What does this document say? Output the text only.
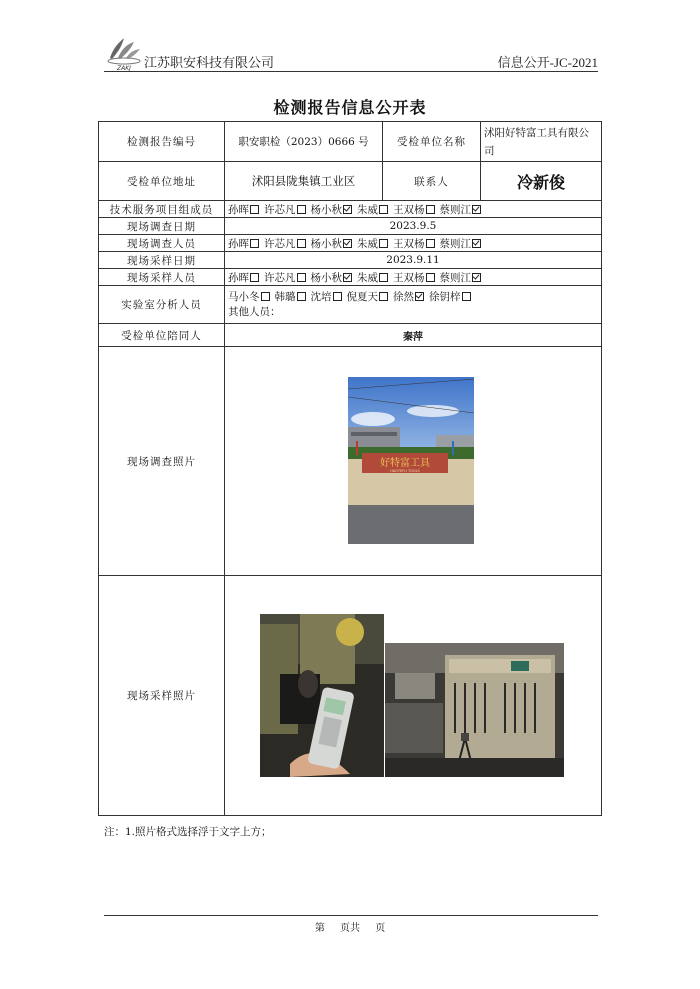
ZAKJ 江苏职安科技有限公司	信息公开-JC-2021
检测报告信息公开表
检测报告编号	职安职检（2023）0666 号	受检单位名称	沭阳好特富工具有限公司
受检单位地址	沭阳县陇集镇工业区	联系人	冷新俊
技术服务项目组成员	孙晖 许芯凡 杨小秋 朱威 王双杨 蔡则江		
现场调查日期	2023.9.5		
现场调查人员	孙晖 许芯凡 杨小秋 朱威 王双杨 蔡则江		
现场采样日期	2023.9.11		
现场采样人员	孙晖 许芯凡 杨小秋 朱威 王双杨 蔡则江		
实验室分析人员	马小冬 韩璐 沈培 倪夏天 徐然 徐钥梓
其他人员：		

受检单位陪同人	秦萍		
现场调查照片	好特富工具
HAOTEFU TOOLS		

现场采样照片	
注：1.照片格式选择浮于文字上方；
第 页共 页
